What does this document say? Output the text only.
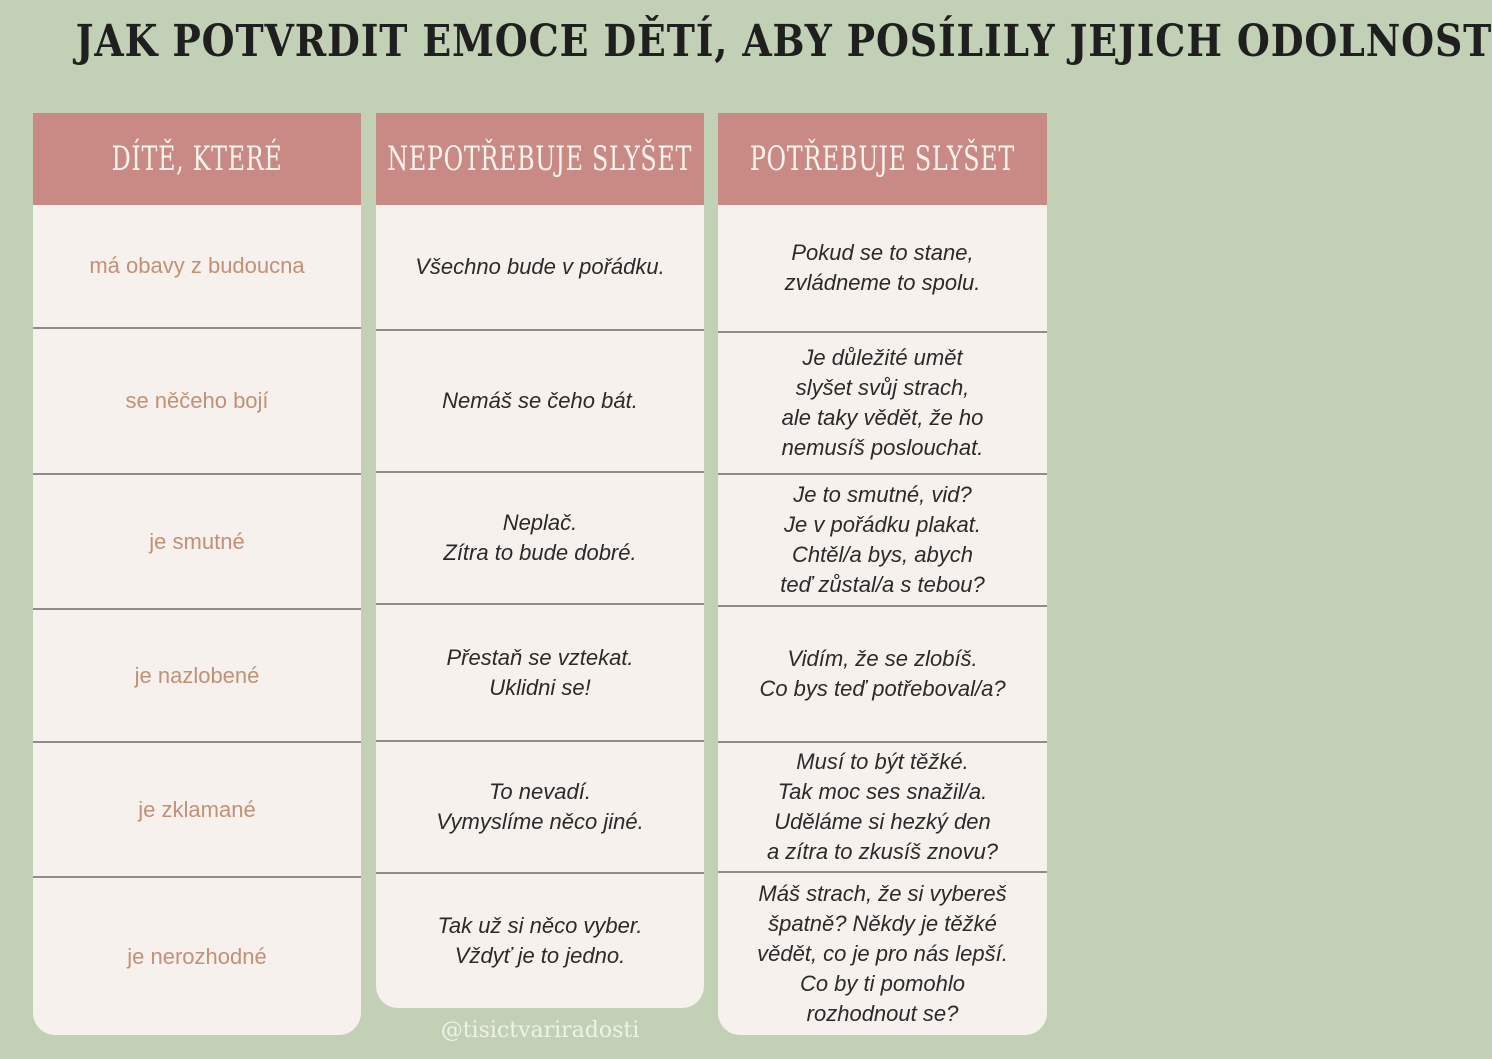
JAK POTVRDIT EMOCE DĚTÍ, ABY POSÍLILY JEJICH ODOLNOST
DÍTĚ, KTERÉ
má obavy z budoucna
se něčeho bojí
je smutné
je nazlobené
je zklamané
je nerozhodné
NEPOTŘEBUJE SLYŠET
Všechno bude v pořádku.
Nemáš se čeho bát.
Neplač.
Zítra to bude dobré.
Přestaň se vztekat.
Uklidni se!
To nevadí.
Vymyslíme něco jiné.
Tak už si něco vyber.
Vždyť je to jedno.
POTŘEBUJE SLYŠET
Pokud se to stane,
zvládneme to spolu.
Je důležité umět
slyšet svůj strach,
ale taky vědět, že ho
nemusíš poslouchat.
Je to smutné, vid?
Je v pořádku plakat.
Chtěl/a bys, abych
teď zůstal/a s tebou?
Vidím, že se zlobíš.
Co bys teď potřeboval/a?
Musí to být těžké.
Tak moc ses snažil/a.
Uděláme si hezký den
a zítra to zkusíš znovu?
Máš strach, že si vybereš
špatně? Někdy je těžké
vědět, co je pro nás lepší.
Co by ti pomohlo
rozhodnout se?
@tisictvariradosti
